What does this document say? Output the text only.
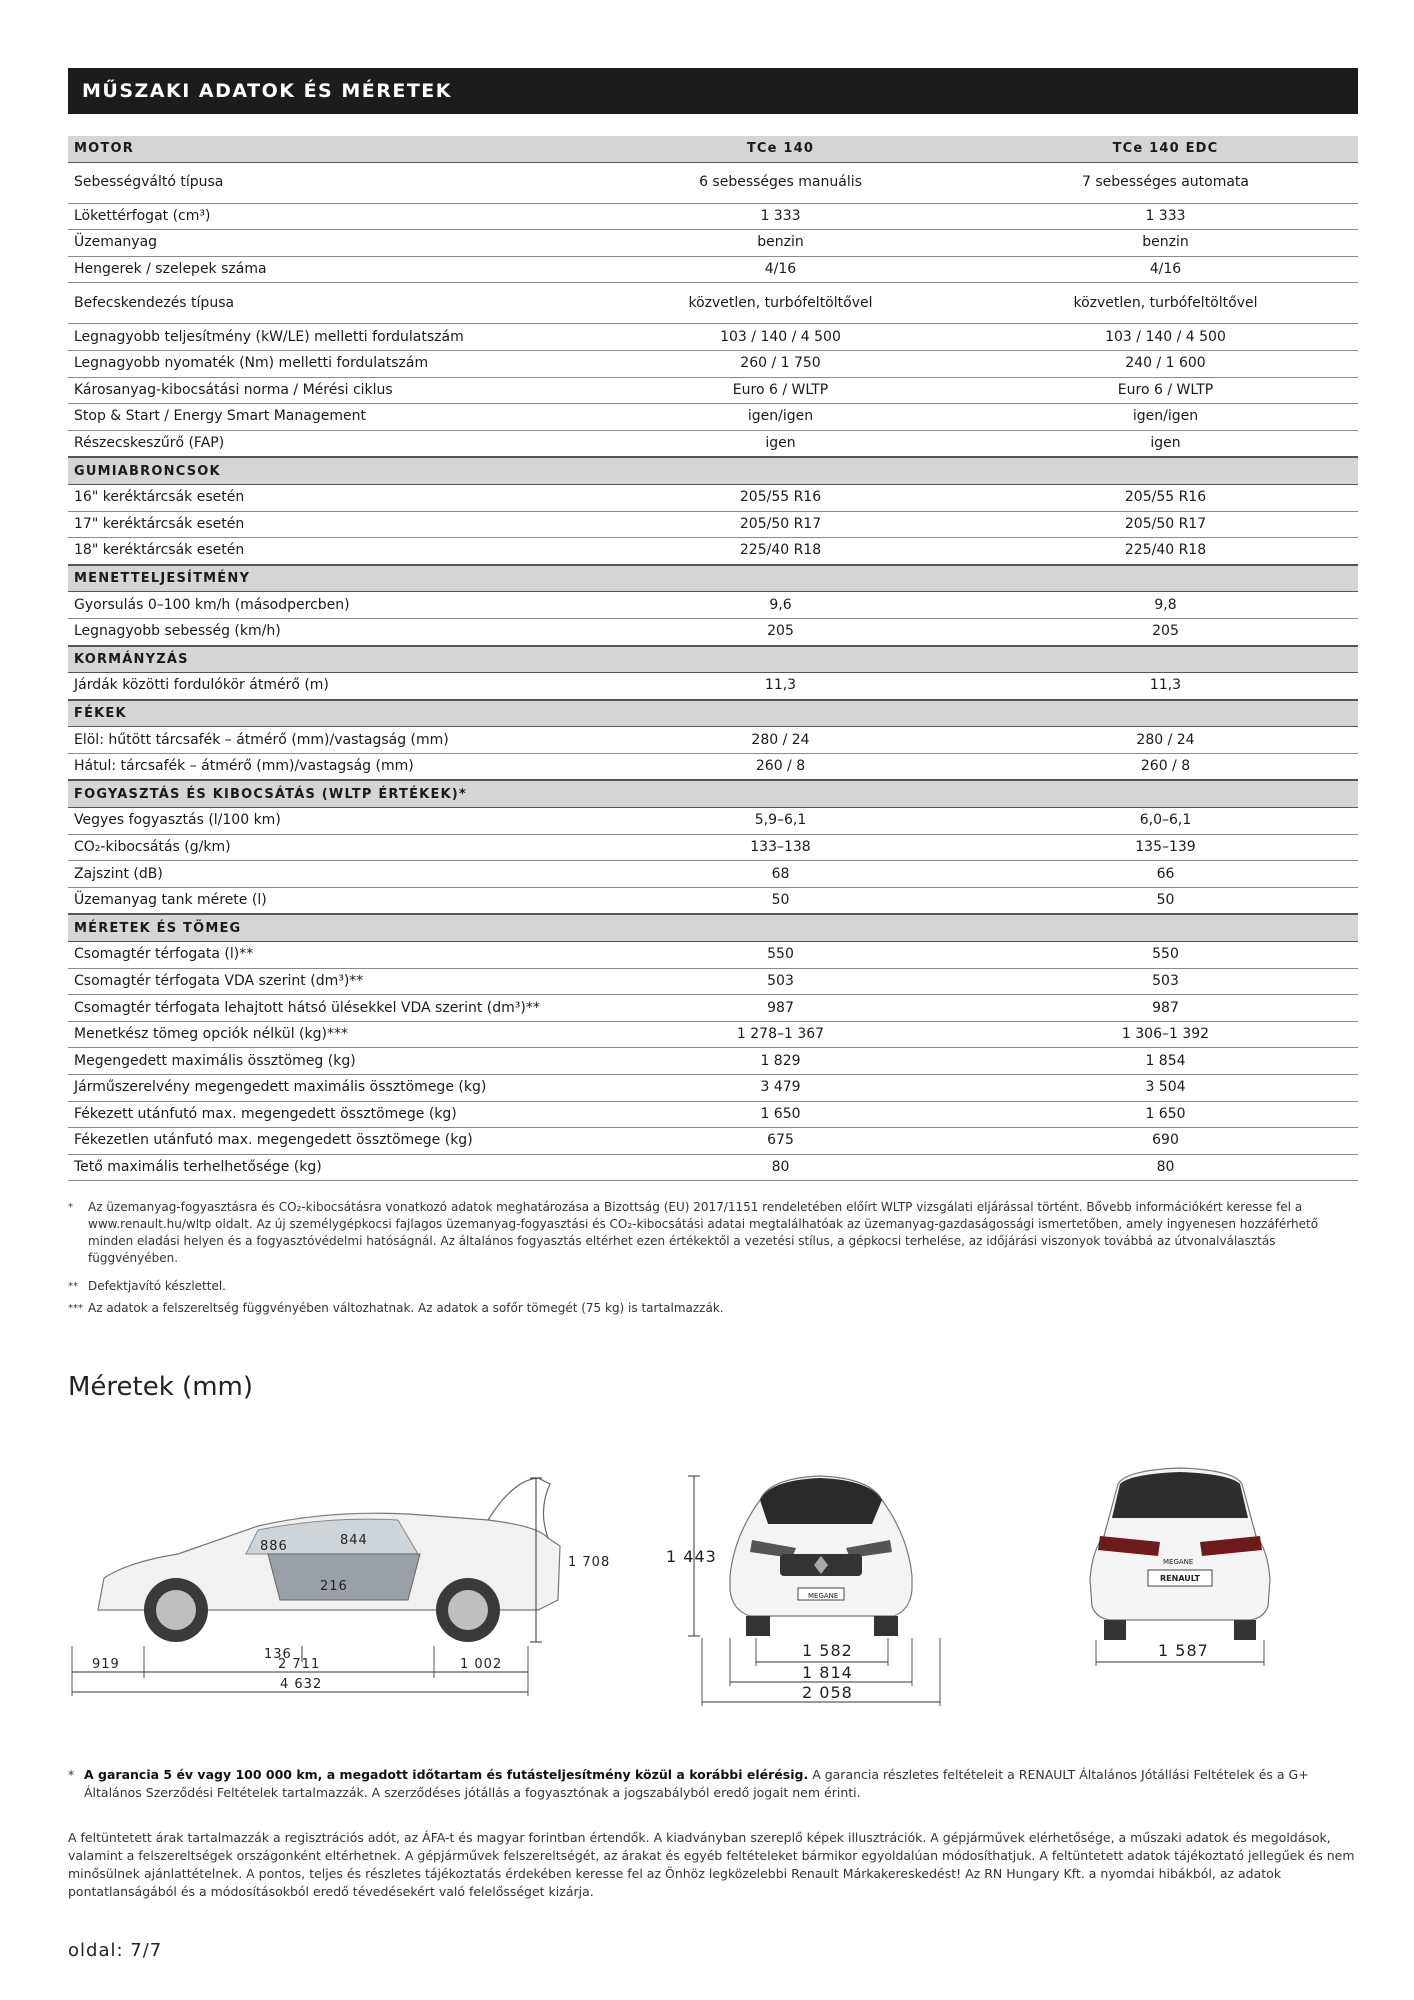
MŰSZAKI ADATOK ÉS MÉRETEK
MOTOR	TCe 140	TCe 140 EDC
Sebességváltó típusa	6 sebességes manuális	7 sebességes automata
Lökettérfogat (cm³)	1 333	1 333
Üzemanyag	benzin	benzin
Hengerek / szelepek száma	4/16	4/16
Befecskendezés típusa	közvetlen, turbófeltöltővel	közvetlen, turbófeltöltővel
Legnagyobb teljesítmény (kW/LE) melletti fordulatszám	103 / 140 / 4 500	103 / 140 / 4 500
Legnagyobb nyomaték (Nm) melletti fordulatszám	260 / 1 750	240 / 1 600
Károsanyag-kibocsátási norma / Mérési ciklus	Euro 6 / WLTP	Euro 6 / WLTP
Stop & Start / Energy Smart Management	igen/igen	igen/igen
Részecskeszűrő (FAP)	igen	igen
GUMIABRONCSOK		
16" keréktárcsák esetén	205/55 R16	205/55 R16
17" keréktárcsák esetén	205/50 R17	205/50 R17
18" keréktárcsák esetén	225/40 R18	225/40 R18
MENETTELJESÍTMÉNY		
Gyorsulás 0–100 km/h (másodpercben)	9,6	9,8
Legnagyobb sebesség (km/h)	205	205
KORMÁNYZÁS		
Járdák közötti fordulókör átmérő (m)	11,3	11,3
FÉKEK		
Elöl: hűtött tárcsafék – átmérő (mm)/vastagság (mm)	280 / 24	280 / 24
Hátul: tárcsafék – átmérő (mm)/vastagság (mm)	260 / 8	260 / 8
FOGYASZTÁS ÉS KIBOCSÁTÁS (WLTP ÉRTÉKEK)*		
Vegyes fogyasztás (l/100 km)	5,9–6,1	6,0–6,1
CO₂-kibocsátás (g/km)	133–138	135–139
Zajszint (dB)	68	66
Üzemanyag tank mérete (l)	50	50
MÉRETEK ÉS TÖMEG		
Csomagtér térfogata (l)**	550	550
Csomagtér térfogata VDA szerint (dm³)**	503	503
Csomagtér térfogata lehajtott hátsó ülésekkel VDA szerint (dm³)**	987	987
Menetkész tömeg opciók nélkül (kg)***	1 278–1 367	1 306–1 392
Megengedett maximális össztömeg (kg)	1 829	1 854
Járműszerelvény megengedett maximális össztömege (kg)	3 479	3 504
Fékezett utánfutó max. megengedett össztömege (kg)	1 650	1 650
Fékezetlen utánfutó max. megengedett össztömege (kg)	675	690
Tető maximális terhelhetősége (kg)	80	80
* Az üzemanyag-fogyasztásra és CO₂-kibocsátásra vonatkozó adatok meghatározása a Bizottság (EU) 2017/1151 rendeletében előírt WLTP vizsgálati eljárással történt. Bővebb információkért keresse fel a www.renault.hu/wltp oldalt. Az új személygépkocsi fajlagos üzemanyag-fogyasztási és CO₂-kibocsátási adatai megtalálhatóak az üzemanyag-gazdaságossági ismertetőben, amely ingyenesen hozzáférhető minden eladási helyen és a fogyasztóvédelmi hatóságnál. Az általános fogyasztás eltérhet ezen értékektől a vezetési stílus, a gépkocsi terhelése, az időjárási viszonyok továbbá az útvonalválasztás függvényében.
** Defektjavító készlettel.
*** Az adatok a felszereltség függvényében változhatnak. Az adatok a sofőr tömegét (75 kg) is tartalmazzák.
Méretek (mm)
1 708
886	844
216
136
919	2 711	1 002
4 632
MEGANE
1 443
1 582
1 814
2 058
MEGANE
RENAULT
1 587
* A garancia 5 év vagy 100 000 km, a megadott időtartam és futásteljesítmény közül a korábbi elérésig. A garancia részletes feltételeit a RENAULT Általános Jótállási Feltételek és a G+ Általános Szerződési Feltételek tartalmazzák. A szerződéses jótállás a fogyasztónak a jogszabályból eredő jogait nem érinti.
A feltüntetett árak tartalmazzák a regisztrációs adót, az ÁFA-t és magyar forintban értendők. A kiadványban szereplő képek illusztrációk. A gépjárművek elérhetősége, a műszaki adatok és megoldások, valamint a felszereltségek országonként eltérhetnek. A gépjárművek felszereltségét, az árakat és egyéb feltételeket bármikor egyoldalúan módosíthatjuk. A feltüntetett adatok tájékoztató jellegűek és nem minősülnek ajánlattételnek. A pontos, teljes és részletes tájékoztatás érdekében keresse fel az Önhöz legközelebbi Renault Márkakereskedést! Az RN Hungary Kft. a nyomdai hibákból, az adatok pontatlanságából és a módosításokból eredő tévedésekért való felelősséget kizárja.
oldal: 7/7
